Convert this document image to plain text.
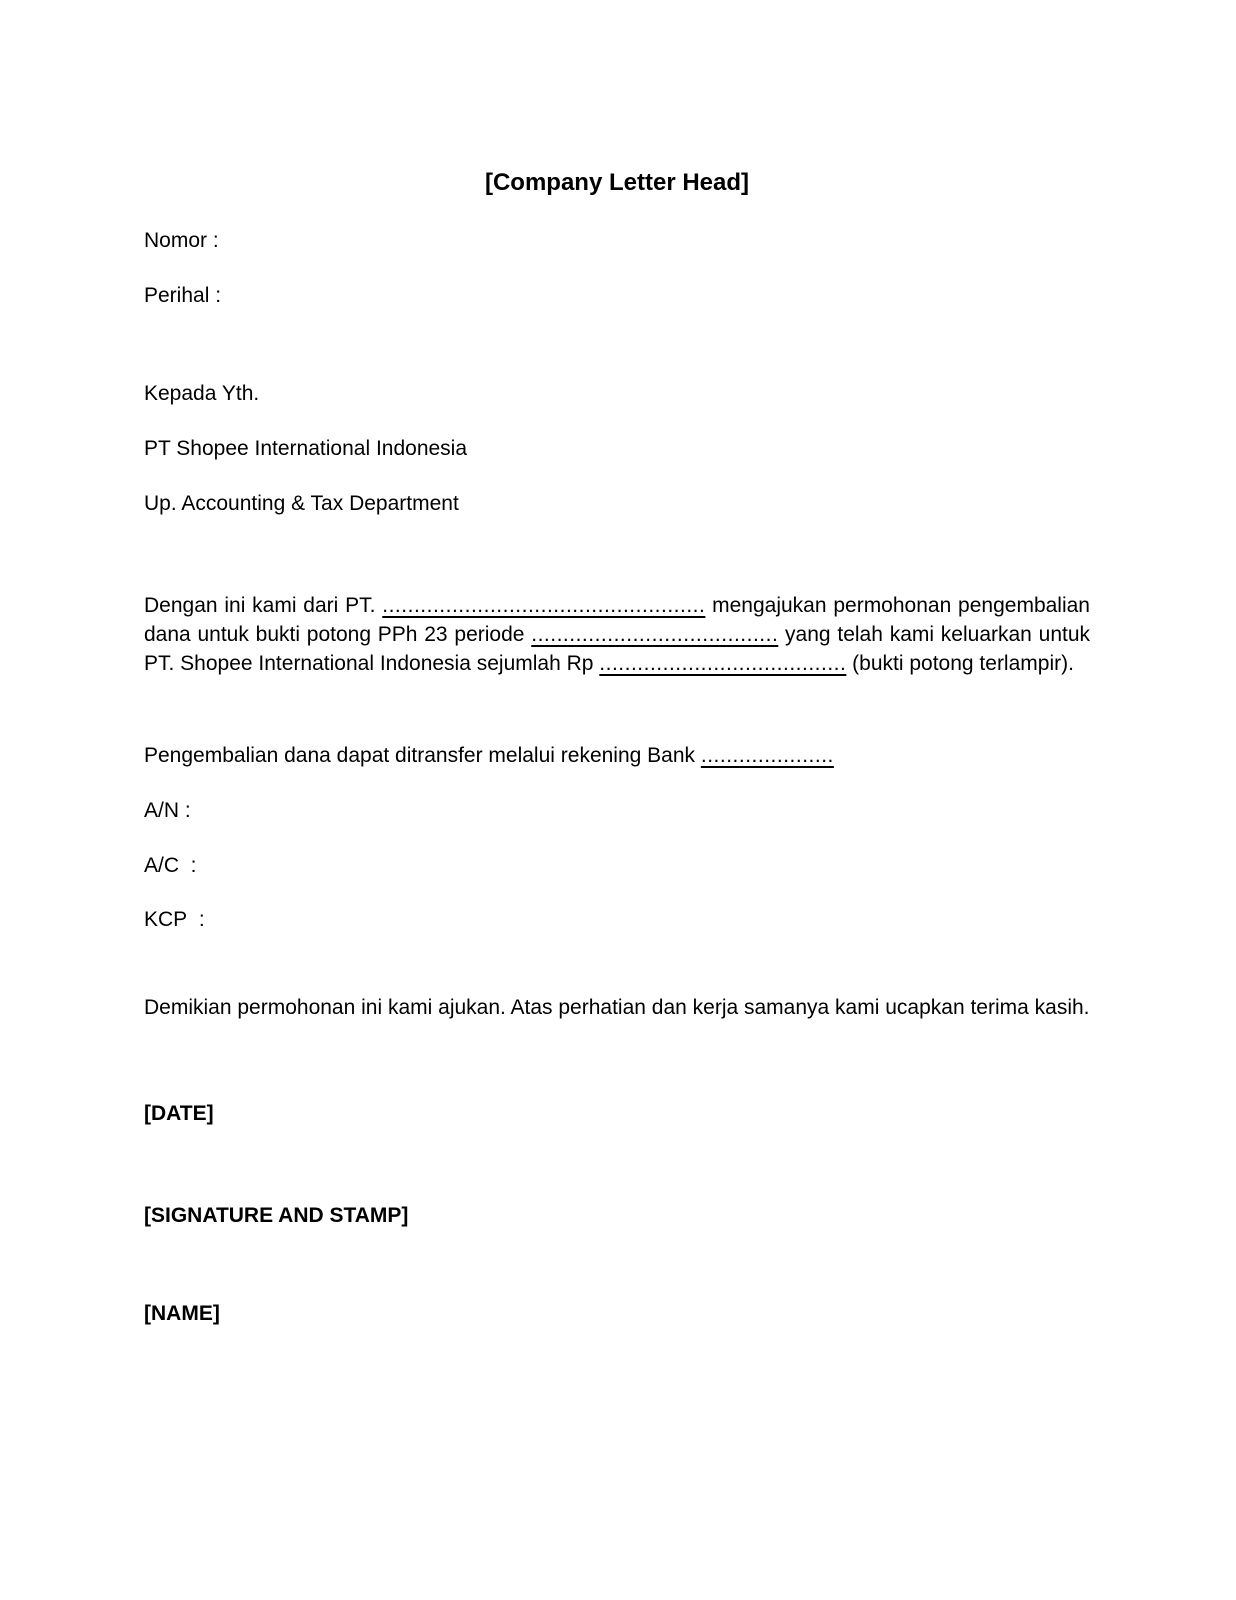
[Company Letter Head]

Nomor :

Perihal :

Kepada Yth.

PT Shopee International Indonesia

Up. Accounting & Tax Department

Dengan ini kami dari PT. ................................................... mengajukan permohonan pengembalian dana untuk bukti potong PPh 23 periode ....................................... yang telah kami keluarkan untuk PT. Shopee International Indonesia sejumlah Rp ....................................... (bukti potong terlampir).

Pengembalian dana dapat ditransfer melalui rekening Bank .....................

A/N :

A/C  :

KCP  :

Demikian permohonan ini kami ajukan. Atas perhatian dan kerja samanya kami ucapkan terima kasih.

[DATE]

[SIGNATURE AND STAMP]

[NAME]
